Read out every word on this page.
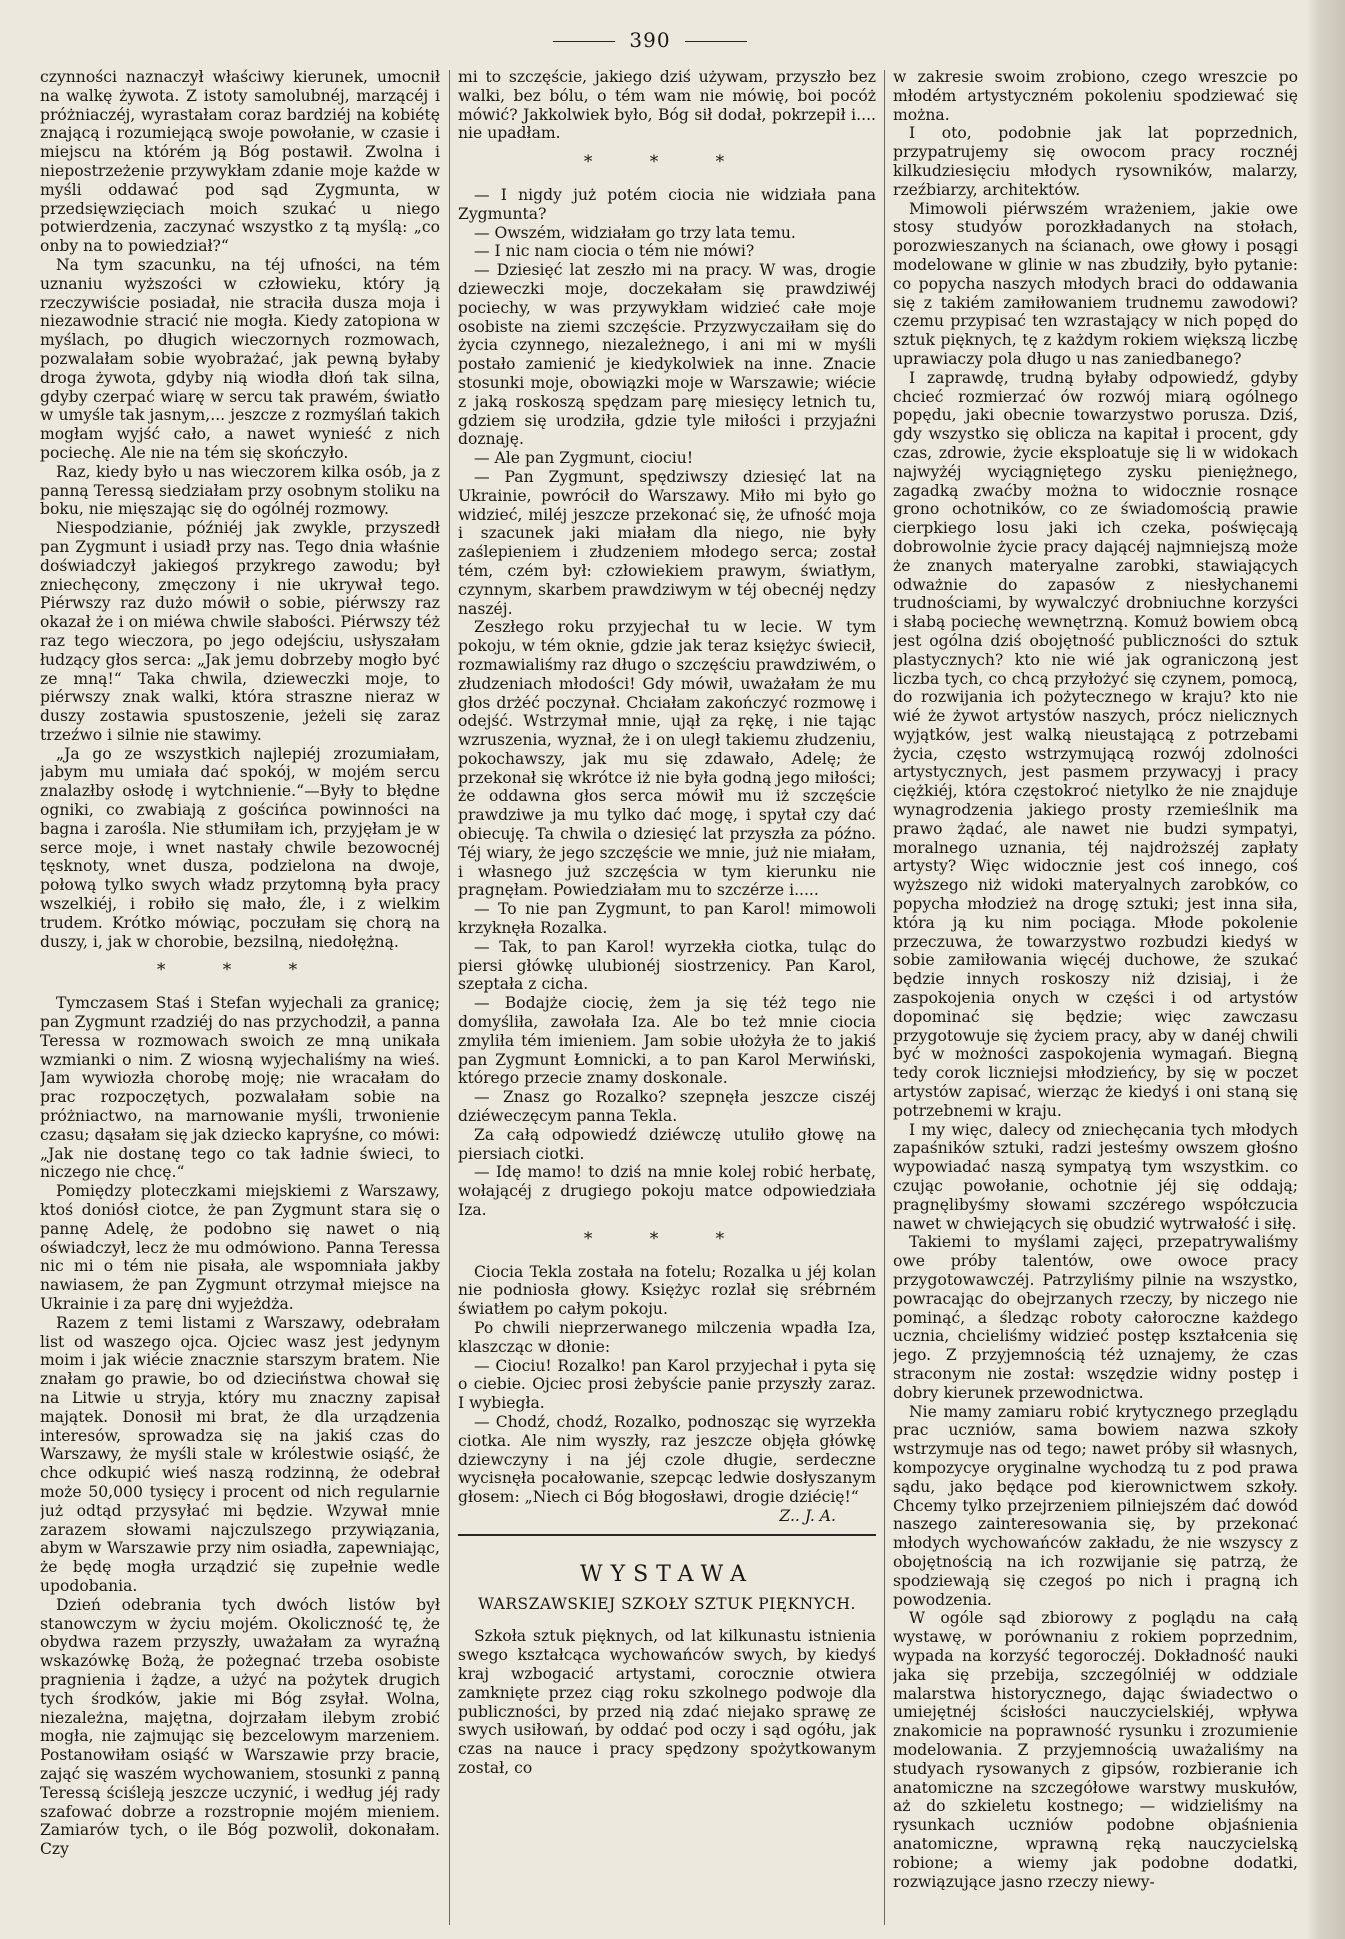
390

czynności naznaczył właściwy kierunek, umocnił na walkę żywota. Z istoty samolubnéj, marzącéj i próżniaczéj, wyrastałam coraz bardziéj na kobiétę znającą i rozumiejącą swoje powołanie, w czasie i miejscu na którém ją Bóg postawił. Zwolna i niepostrzeżenie przywykłam zdanie moje każde w myśli oddawać pod sąd Zygmunta, w przedsięwzięciach moich szukać u niego potwierdzenia, zaczynać wszystko z tą myślą: „co onby na to powiedział?“

Na tym szacunku, na téj ufności, na tém uznaniu wyższości w człowieku, który ją rzeczywiście posiadał, nie straciła dusza moja i niezawodnie stracić nie mogła. Kiedy zatopiona w myślach, po długich wieczornych rozmowach, pozwalałam sobie wyobrażać, jak pewną byłaby droga żywota, gdyby nią wiodła dłoń tak silna, gdyby czerpać wiarę w sercu tak prawém, światło w umyśle tak jasnym,... jeszcze z rozmyślań takich mogłam wyjść cało, a nawet wynieść z nich pociechę. Ale nie na tém się skończyło.

Raz, kiedy było u nas wieczorem kilka osób, ja z panną Teressą siedziałam przy osobnym stoliku na boku, nie mięszając się do ogólnéj rozmowy.

Niespodzianie, późniéj jak zwykle, przyszedł pan Zygmunt i usiadł przy nas. Tego dnia właśnie doświadczył jakiegoś przykrego zawodu; był zniechęcony, zmęczony i nie ukrywał tego. Piérwszy raz dużo mówił o sobie, piérwszy raz okazał że i on miéwa chwile słabości. Piérwszy téż raz tego wieczora, po jego odejściu, usłyszałam łudzący głos serca: „Jak jemu dobrzeby mogło być ze mną!“ Taka chwila, dzieweczki moje, to piérwszy znak walki, która straszne nieraz w duszy zostawia spustoszenie, jeżeli się zaraz trzeźwo i silnie nie stawimy.

„Ja go ze wszystkich najlepiéj zrozumiałam, jabym mu umiała dać spokój, w mojém sercu znalazłby osłodę i wytchnienie.“—Były to błędne ogniki, co zwabiają z gościńca powinności na bagna i zarośla. Nie stłumiłam ich, przyjęłam je w serce moje, i wnet nastały chwile bezowocnéj tęsknoty, wnet dusza, podzielona na dwoje, połową tylko swych władz przytomną była pracy wszelkiéj, i robiło się mało, źle, i z wielkim trudem. Krótko mówiąc, poczułam się chorą na duszy, i, jak w chorobie, bezsilną, niedołężną.

* * *

Tymczasem Staś i Stefan wyjechali za granicę; pan Zygmunt rzadziéj do nas przychodził, a panna Teressa w rozmowach swoich ze mną unikała wzmianki o nim. Z wiosną wyjechaliśmy na wieś. Jam wywiozła chorobę moję; nie wracałam do prac rozpoczętych, pozwalałam sobie na próżniactwo, na marnowanie myśli, trwonienie czasu; dąsałam się jak dziecko kapryśne, co mówi: „Jak nie dostanę tego co tak ładnie świeci, to niczego nie chcę.“

Pomiędzy ploteczkami miejskiemi z Warszawy, ktoś doniósł ciotce, że pan Zygmunt stara się o pannę Adelę, że podobno się nawet o nią oświadczył, lecz że mu odmówiono. Panna Teressa nic mi o tém nie pisała, ale wspomniała jakby nawiasem, że pan Zygmunt otrzymał miejsce na Ukrainie i za parę dni wyjeżdża.

Razem z temi listami z Warszawy, odebrałam list od waszego ojca. Ojciec wasz jest jedynym moim i jak wiécie znacznie starszym bratem. Nie znałam go prawie, bo od dzieciństwa chował się na Litwie u stryja, który mu znaczny zapisał majątek. Donosił mi brat, że dla urządzenia interesów, sprowadza się na jakiś czas do Warszawy, że myśli stale w królestwie osiąść, że chce odkupić wieś naszą rodzinną, że odebrał może 50,000 tysięcy i procent od nich regularnie już odtąd przysyłać mi będzie. Wzywał mnie zarazem słowami najczulszego przywiązania, abym w Warszawie przy nim osiadła, zapewniając, że będę mogła urządzić się zupełnie wedle upodobania.

Dzień odebrania tych dwóch listów był stanowczym w życiu mojém. Okoliczność tę, że obydwa razem przyszły, uważałam za wyraźną wskazówkę Bożą, że pożegnać trzeba osobiste pragnienia i żądze, a użyć na pożytek drugich tych środków, jakie mi Bóg zsyłał. Wolna, niezależna, majętna, dojrzałam ilebym zrobić mogła, nie zajmując się bezcelowym marzeniem. Postanowiłam osiąść w Warszawie przy bracie, zająć się waszém wychowaniem, stosunki z panną Teressą ściśleją jeszcze uczynić, i według jéj rady szafować dobrze a rozstropnie mojém mieniem. Zamiarów tych, o ile Bóg pozwolił, dokonałam. Czy

mi to szczęście, jakiego dziś używam, przyszło bez walki, bez bólu, o tém wam nie mówię, boi pocóż mówić? Jakkolwiek było, Bóg sił dodał, pokrzepił i.... nie upadłam.

* * *

— I nigdy już potém ciocia nie widziała pana Zygmunta?

— Owszém, widziałam go trzy lata temu.

— I nic nam ciocia o tém nie mówi?

— Dziesięć lat zeszło mi na pracy. W was, drogie dzieweczki moje, doczekałam się prawdziwéj pociechy, w was przywykłam widzieć całe moje osobiste na ziemi szczęście. Przyzwyczaiłam się do życia czynnego, niezależnego, i ani mi w myśli postało zamienić je kiedykolwiek na inne. Znacie stosunki moje, obowiązki moje w Warszawie; wiécie z jaką roskoszą spędzam parę miesięcy letnich tu, gdziem się urodziła, gdzie tyle miłości i przyjaźni doznaję.

— Ale pan Zygmunt, ciociu!

— Pan Zygmunt, spędziwszy dziesięć lat na Ukrainie, powrócił do Warszawy. Miło mi było go widzieć, miléj jeszcze przekonać się, że ufność moja i szacunek jaki miałam dla niego, nie były zaślepieniem i złudzeniem młodego serca; został tém, czém był: człowiekiem prawym, światłym, czynnym, skarbem prawdziwym w téj obecnéj nędzy naszéj.

Zeszłego roku przyjechał tu w lecie. W tym pokoju, w tém oknie, gdzie jak teraz księżyc świecił, rozmawialiśmy raz długo o szczęściu prawdziwém, o złudzeniach młodości! Gdy mówił, uważałam że mu głos drżéć poczynał. Chciałam zakończyć rozmowę i odejść. Wstrzymał mnie, ujął za rękę, i nie tając wzruszenia, wyznał, że i on uległ takiemu złudzeniu, pokochawszy, jak mu się zdawało, Adelę; że przekonał się wkrótce iż nie była godną jego miłości; że oddawna głos serca mówił mu iż szczęście prawdziwe ja mu tylko dać mogę, i spytał czy dać obiecuję. Ta chwila o dziesięć lat przyszła za późno. Téj wiary, że jego szczęście we mnie, już nie miałam, i własnego już szczęścia w tym kierunku nie pragnęłam. Powiedziałam mu to szczérze i.....

— To nie pan Zygmunt, to pan Karol! mimowoli krzyknęła Rozalka.

— Tak, to pan Karol! wyrzekła ciotka, tuląc do piersi główkę ulubionéj siostrzenicy. Pan Karol, szeptała z cicha.

— Bodajże ciocię, żem ja się téż tego nie domyśliła, zawołała Iza. Ale bo też mnie ciocia zmyliła tém imieniem. Jam sobie ułożyła że to jakiś pan Zygmunt Łomnicki, a to pan Karol Merwiński, którego przecie znamy doskonale.

— Znasz go Rozalko? szepnęła jeszcze ciszéj dziéweczęcym panna Tekla.

Za całą odpowiedź dziéwczę utuliło głowę na piersiach ciotki.

— Idę mamo! to dziś na mnie kolej robić herbatę, wołającéj z drugiego pokoju matce odpowiedziała Iza.

* * *

Ciocia Tekla została na fotelu; Rozalka u jéj kolan nie podniosła głowy. Księżyc rozlał się srébrném światłem po całym pokoju.

Po chwili nieprzerwanego milczenia wpadła Iza, klaszcząc w dłonie:

— Ciociu! Rozalko! pan Karol przyjechał i pyta się o ciebie. Ojciec prosi żebyście panie przyszły zaraz. I wybiegła.

— Chodź, chodź, Rozalko, podnosząc się wyrzekła ciotka. Ale nim wyszły, raz jeszcze objęła główkę dziewczyny i na jéj czole długie, serdeczne wycisnęła pocałowanie, szepcąc ledwie dosłyszanym głosem: „Niech ci Bóg błogosławi, drogie dziécię!“

Z.. J. A.
WYSTAWA
WARSZAWSKIEJ SZKOŁY SZTUK PIĘKNYCH.

Szkoła sztuk pięknych, od lat kilkunastu istnienia swego kształcąca wychowańców swych, by kiedyś kraj wzbogacić artystami, corocznie otwiera zamknięte przez ciąg roku szkolnego podwoje dla publiczności, by przed nią zdać niejako sprawę ze swych usiłowań, by oddać pod oczy i sąd ogółu, jak czas na nauce i pracy spędzony spożytkowanym został, co

w zakresie swoim zrobiono, czego wreszcie po młodém artystyczném pokoleniu spodziewać się można.

I oto, podobnie jak lat poprzednich, przypatrujemy się owocom pracy rocznéj kilkudziesięciu młodych rysowników, malarzy, rzeźbiarzy, architektów.

Mimowoli piérwszém wrażeniem, jakie owe stosy studyów porozkładanych na stołach, porozwieszanych na ścianach, owe głowy i posągi modelowane w glinie w nas zbudziły, było pytanie: co popycha naszych młodych braci do oddawania się z takiém zamiłowaniem trudnemu zawodowi? czemu przypisać ten wzrastający w nich popęd do sztuk pięknych, tę z każdym rokiem większą liczbę uprawiaczy pola długo u nas zaniedbanego?

I zaprawdę, trudną byłaby odpowiedź, gdyby chcieć rozmierzać ów rozwój miarą ogólnego popędu, jaki obecnie towarzystwo porusza. Dziś, gdy wszystko się oblicza na kapitał i procent, gdy czas, zdrowie, życie eksploatuje się li w widokach najwyżéj wyciągniętego zysku pieniężnego, zagadką zwaćby można to widocznie rosnące grono ochotników, co ze świadomością prawie cierpkiego losu jaki ich czeka, poświęcają dobrowolnie życie pracy dającéj najmniejszą może że znanych materyalne zarobki, stawiających odważnie do zapasów z niesłychanemi trudnościami, by wywalczyć drobniuchne korzyści i słabą pociechę wewnętrzną. Komuż bowiem obcą jest ogólna dziś obojętność publiczności do sztuk plastycznych? kto nie wié jak ograniczoną jest liczba tych, co chcą przyłożyć się czynem, pomocą, do rozwijania ich pożytecznego w kraju? kto nie wié że żywot artystów naszych, prócz nielicznych wyjątków, jest walką nieustającą z potrzebami życia, często wstrzymującą rozwój zdolności artystycznych, jest pasmem przywacyj i pracy ciężkiéj, która częstokroć nietylko że nie znajduje wynagrodzenia jakiego prosty rzemieślnik ma prawo żądać, ale nawet nie budzi sympatyi, moralnego uznania, téj najdroższéj zapłaty artysty? Więc widocznie jest coś innego, coś wyższego niż widoki materyalnych zarobków, co popycha młodzież na drogę sztuki; jest inna siła, która ją ku nim pociąga. Młode pokolenie przeczuwa, że towarzystwo rozbudzi kiedyś w sobie zamiłowania więcéj duchowe, że szukać będzie innych roskoszy niż dzisiaj, i że zaspokojenia onych w części i od artystów dopominać się będzie; więc zawczasu przygotowuje się życiem pracy, aby w danéj chwili być w możności zaspokojenia wymagań. Biegną tedy corok liczniejsi młodzieńcy, by się w poczet artystów zapisać, wierząc że kiedyś i oni staną się potrzebnemi w kraju.

I my więc, dalecy od zniechęcania tych młodych zapaśników sztuki, radzi jesteśmy owszem głośno wypowiadać naszą sympatyą tym wszystkim. co czując powołanie, ochotnie jéj się oddają; pragnęlibyśmy słowami szczérego współczucia nawet w chwiejących się obudzić wytrwałość i siłę.

Takiemi to myślami zajęci, przepatrywaliśmy owe próby talentów, owe owoce pracy przygotowawczéj. Patrzyliśmy pilnie na wszystko, powracając do obejrzanych rzeczy, by niczego nie pominąć, a śledząc roboty całoroczne każdego ucznia, chcieliśmy widzieć postęp kształcenia się jego. Z przyjemnością téż uznajemy, że czas straconym nie został: wszędzie widny postęp i dobry kierunek przewodnictwa.

Nie mamy zamiaru robić krytycznego przeglądu prac uczniów, sama bowiem nazwa szkoły wstrzymuje nas od tego; nawet próby sił własnych, kompozycye oryginalne wychodzą tu z pod prawa sądu, jako będące pod kierownictwem szkoły. Chcemy tylko przejrzeniem pilniejszém dać dowód naszego zainteresowania się, by przekonać młodych wychowańców zakładu, że nie wszyscy z obojętnością na ich rozwijanie się patrzą, że spodziewają się czegoś po nich i pragną ich powodzenia.

W ogóle sąd zbiorowy z poglądu na całą wystawę, w porównaniu z rokiem poprzednim, wypada na korzyść tegoroczéj. Dokładność nauki jaka się przebija, szczególniéj w oddziale malarstwa historycznego, dając świadectwo o umiejętnéj ścisłości nauczycielskiéj, wpływa znakomicie na poprawność rysunku i zrozumienie modelowania. Z przyjemnością uważaliśmy na studyach rysowanych z gipsów, rozbieranie ich anatomiczne na szczegółowe warstwy muskułów, aż do szkieletu kostnego; — widzieliśmy na rysunkach uczniów podobne objaśnienia anatomiczne, wprawną ręką nauczycielską robione; a wiemy jak podobne dodatki, rozwiązujące jasno rzeczy niewy-
